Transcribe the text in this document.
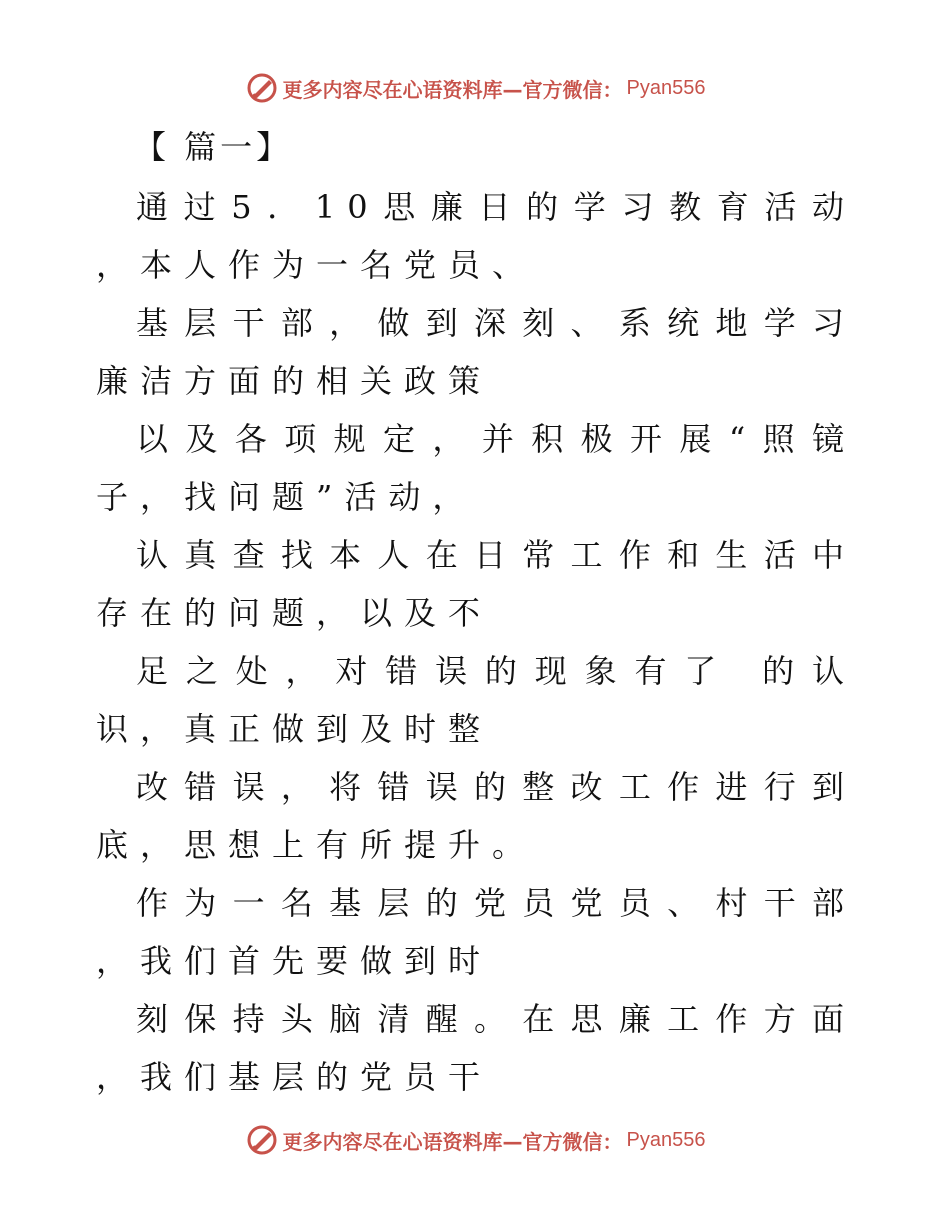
更多内容尽在心语资料库—官方微信： Pyan556
【 篇一】
通过5．10思廉日的学习教育活动
，本人作为一名党员、
基层干部，做到深刻、系统地学习
廉洁方面的相关政策
以及各项规定，并积极开展“照镜
子，找问题”活动，
认真查找本人在日常工作和生活中
存在的问题，以及不
足之处，对错误的现象有了 的认
识，真正做到及时整
改错误，将错误的整改工作进行到
底，思想上有所提升。
作为一名基层的党员党员、村干部
，我们首先要做到时
刻保持头脑清醒。在思廉工作方面
，我们基层的党员干
更多内容尽在心语资料库—官方微信： Pyan556
